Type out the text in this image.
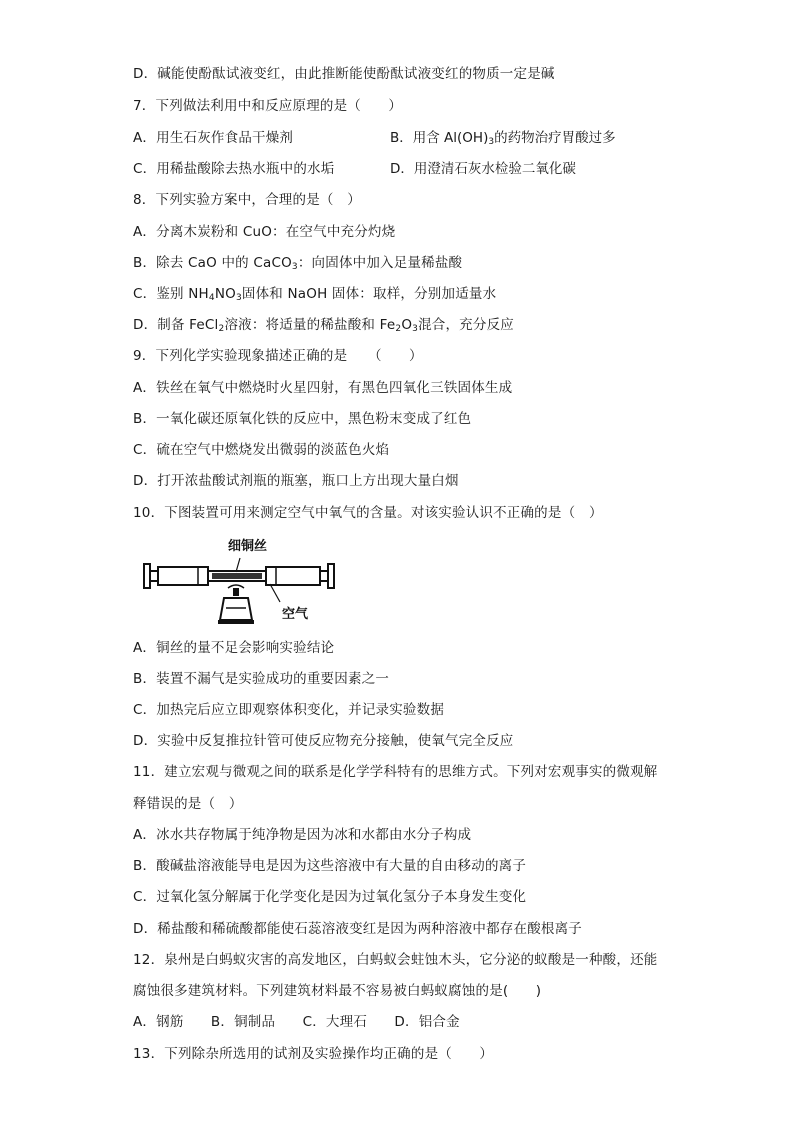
D．碱能使酚酞试液变红，由此推断能使酚酞试液变红的物质一定是碱
7．下列做法利用中和反应原理的是（　　）
A．用生石灰作食品干燥剂	B．用含 $Al(OH)_3$的药物治疗胃酸过多
C．用稀盐酸除去热水瓶中的水垢	D．用澄清石灰水检验二氧化碳
8．下列实验方案中，合理的是（　）
A．分离木炭粉和 CuO：在空气中充分灼烧
B．除去 CaO 中的 CaCO$_3$：向固体中加入足量稀盐酸
C．鉴别 $NH_4NO_3$固体和 NaOH 固体：取样，分别加适量水
D．制备 FeCl$_2$溶液：将适量的稀盐酸和 $Fe_2O_3$混合，充分反应
9．下列化学实验现象描述正确的是　　（　　）
A．铁丝在氧气中燃烧时火星四射，有黑色四氧化三铁固体生成
B．一氧化碳还原氧化铁的反应中，黑色粉末变成了红色
C．硫在空气中燃烧发出微弱的淡蓝色火焰
D．打开浓盐酸试剂瓶的瓶塞，瓶口上方出现大量白烟
10．下图装置可用来测定空气中氧气的含量。对该实验认识不正确的是（　）
细铜丝
空气
A．铜丝的量不足会影响实验结论
B．装置不漏气是实验成功的重要因素之一
C．加热完后应立即观察体积变化，并记录实验数据
D．实验中反复推拉针管可使反应物充分接触，使氧气完全反应
11．建立宏观与微观之间的联系是化学学科特有的思维方式。下列对宏观事实的微观解
释错误的是（　）
A．冰水共存物属于纯净物是因为冰和水都由水分子构成
B．酸碱盐溶液能导电是因为这些溶液中有大量的自由移动的离子
C．过氧化氢分解属于化学变化是因为过氧化氢分子本身发生变化
D．稀盐酸和稀硫酸都能使石蕊溶液变红是因为两种溶液中都存在酸根离子
12．泉州是白蚂蚁灾害的高发地区，白蚂蚁会蛀蚀木头，它分泌的蚁酸是一种酸，还能
腐蚀很多建筑材料。下列建筑材料最不容易被白蚂蚁腐蚀的是(　　)
A．钢筋　　B．铜制品　　C．大理石　　D．铝合金
13．下列除杂所选用的试剂及实验操作均正确的是（　　）
